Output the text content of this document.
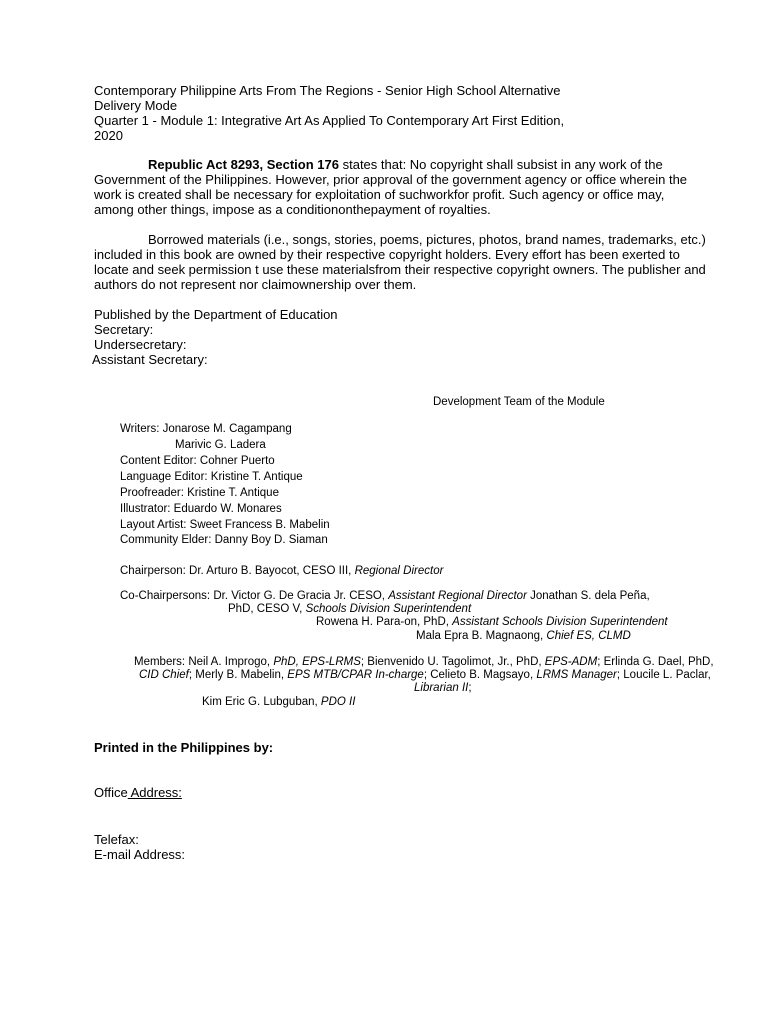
Contemporary Philippine Arts From The Regions - Senior High School Alternative
Delivery Mode
Quarter 1 - Module 1: Integrative Art As Applied To Contemporary Art First Edition,
2020
Republic Act 8293, Section 176 states that: No copyright shall subsist in any work of the
Government of the Philippines. However, prior approval of the government agency or office wherein the
work is created shall be necessary for exploitation of suchworkfor profit. Such agency or office may,
among other things, impose as a conditiononthepayment of royalties.
Borrowed materials (i.e., songs, stories, poems, pictures, photos, brand names, trademarks, etc.)
included in this book are owned by their respective copyright holders. Every effort has been exerted to
locate and seek permission t use these materialsfrom their respective copyright owners. The publisher and
authors do not represent nor claimownership over them.
Published by the Department of Education
Secretary:
Undersecretary:
Assistant Secretary:
Development Team of the Module
Writers: Jonarose M. Cagampang
Marivic G. Ladera
Content Editor: Cohner Puerto
Language Editor: Kristine T. Antique
Proofreader: Kristine T. Antique
Illustrator: Eduardo W. Monares
Layout Artist: Sweet Francess B. Mabelin
Community Elder: Danny Boy D. Siaman
Chairperson: Dr. Arturo B. Bayocot, CESO III, Regional Director
Co-Chairpersons: Dr. Victor G. De Gracia Jr. CESO, Assistant Regional Director Jonathan S. dela Peña,
PhD, CESO V, Schools Division Superintendent
Rowena H. Para-on, PhD, Assistant Schools Division Superintendent
Mala Epra B. Magnaong, Chief ES, CLMD
Members: Neil A. Improgo, PhD, EPS-LRMS; Bienvenido U. Tagolimot, Jr., PhD, EPS-ADM; Erlinda G. Dael, PhD,
CID Chief; Merly B. Mabelin, EPS MTB/CPAR In-charge; Celieto B. Magsayo, LRMS Manager; Loucile L. Paclar,
Librarian II;
Kim Eric G. Lubguban, PDO II
Printed in the Philippines by:
Office Address:
Telefax:
E-mail Address:
